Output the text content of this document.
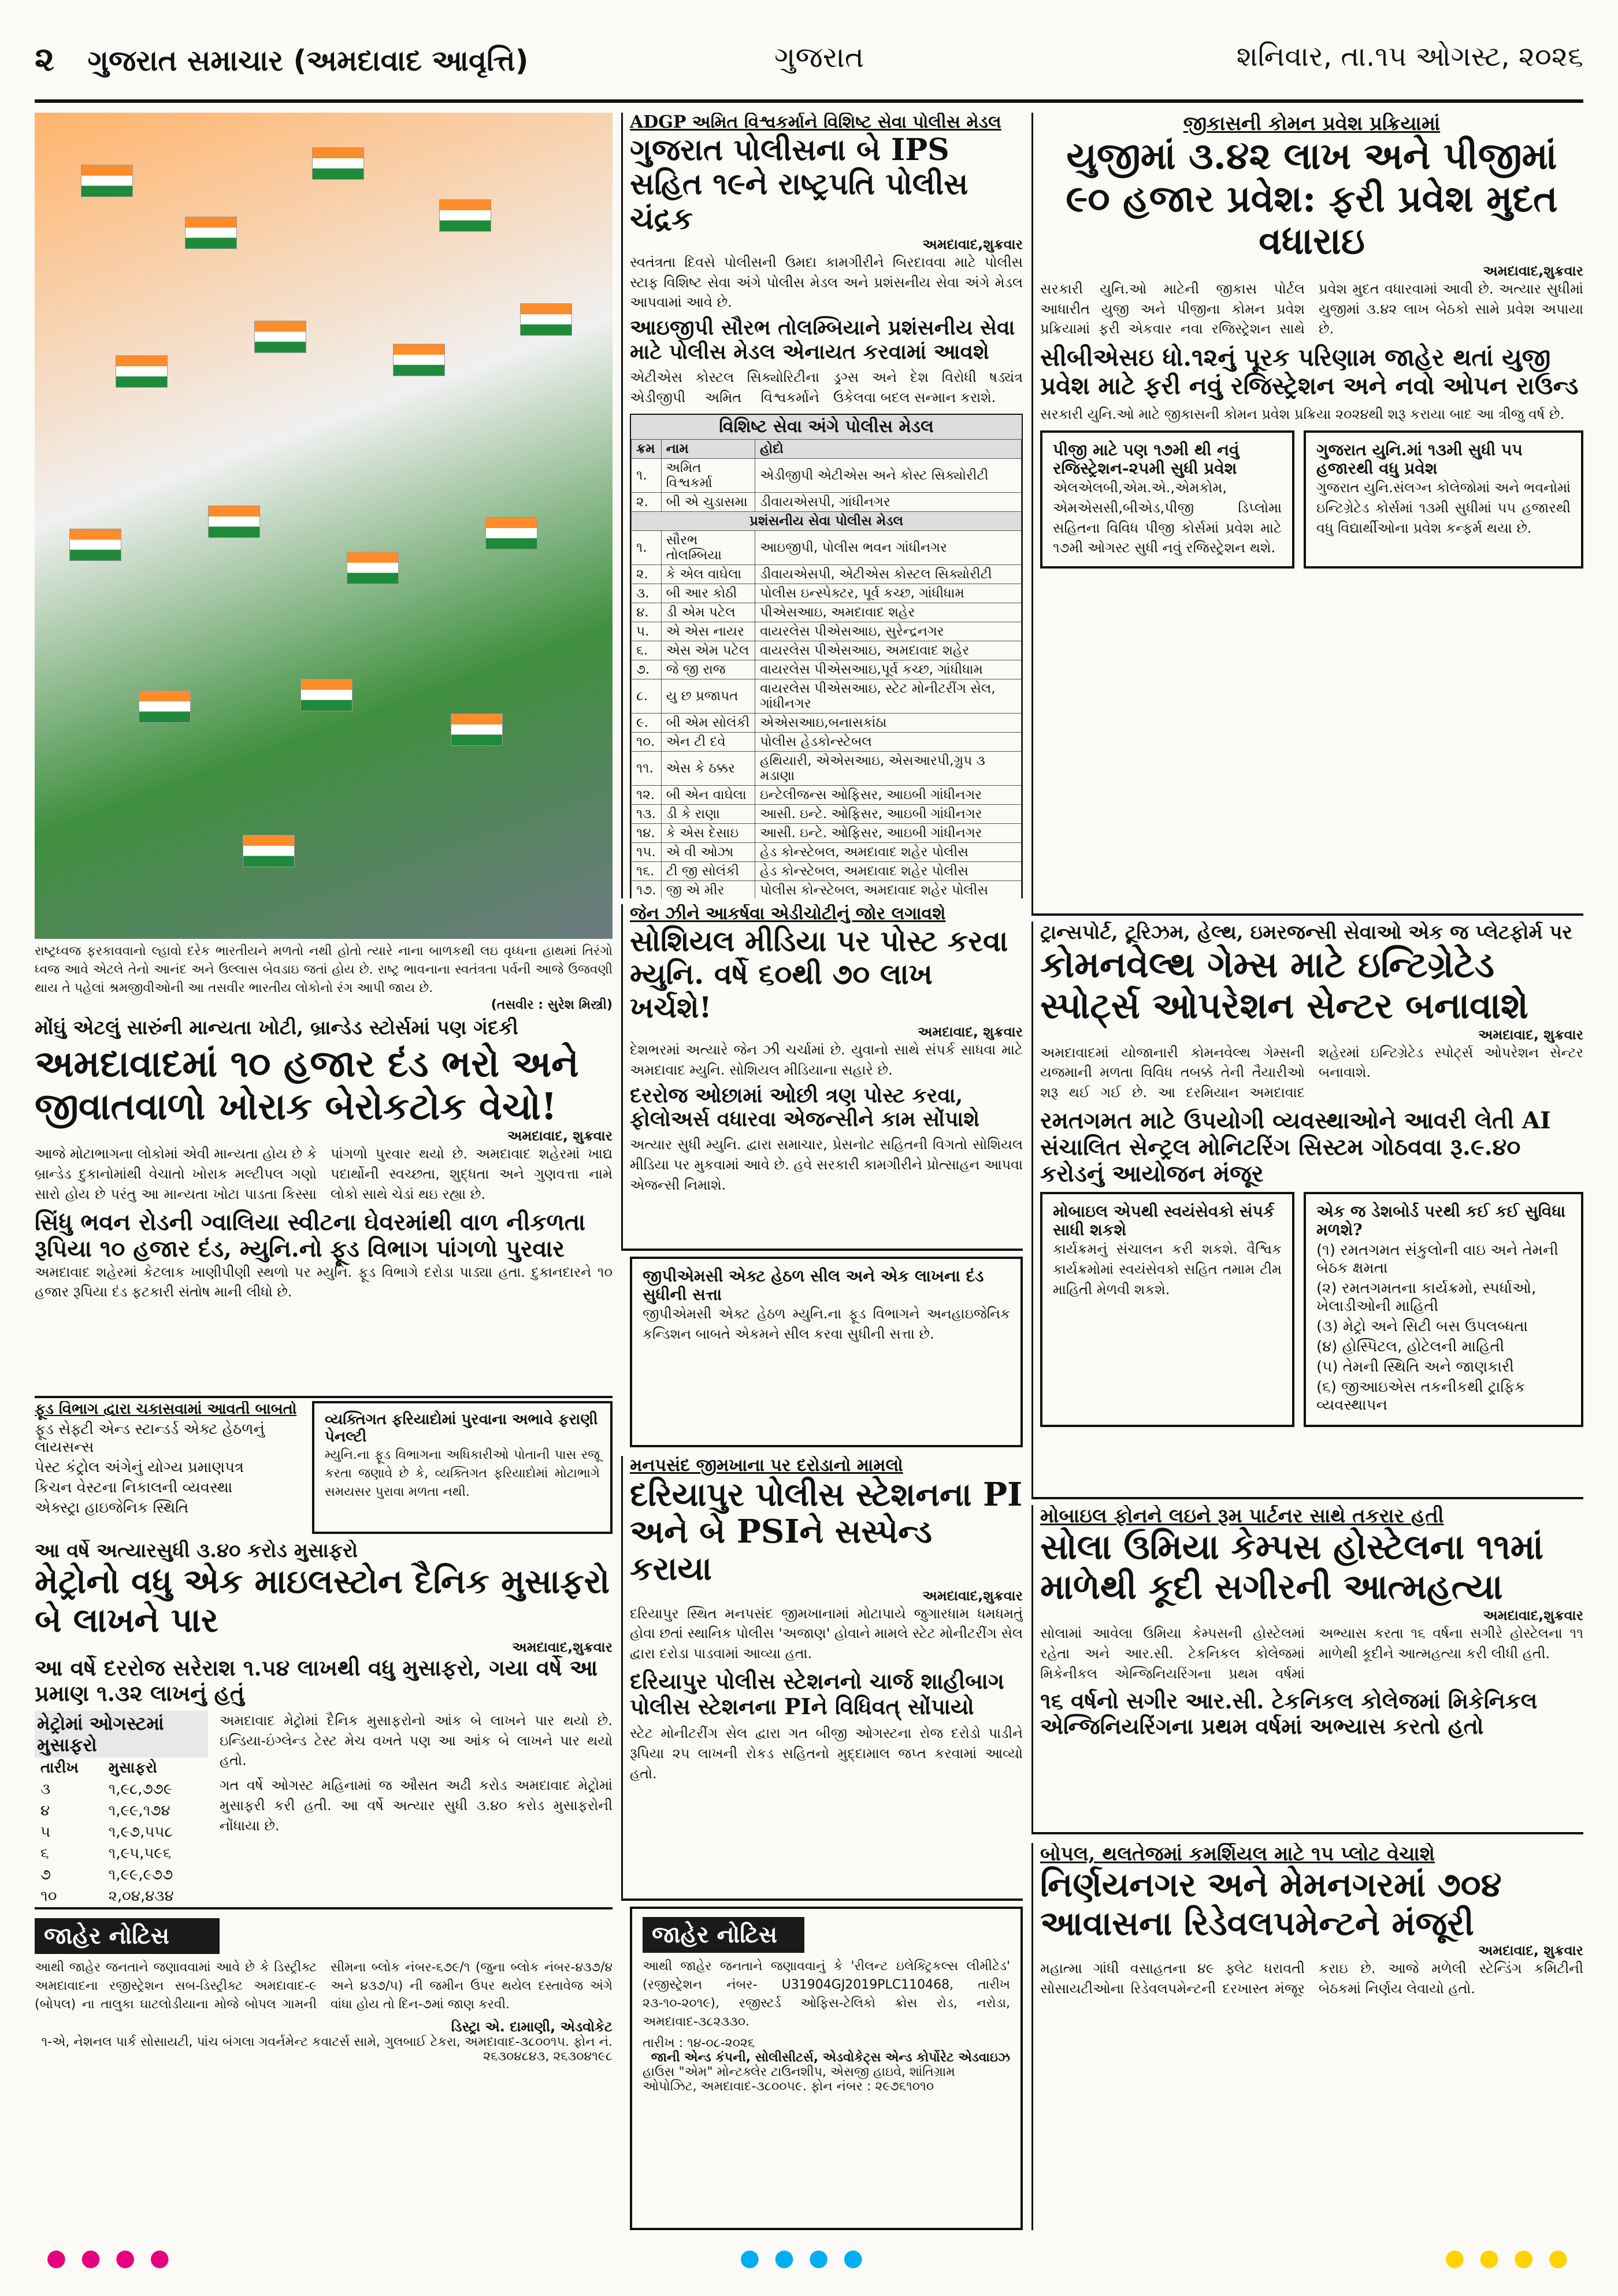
૨ ગુજરાત સમાચાર (અમદાવાદ આવૃત્તિ)	ગુજરાત	શનિવાર, તા.૧૫ ઓગસ્ટ, ૨૦૨૬
રાષ્ટ્રધ્વજ ફરકાવવાનો લ્હાવો દરેક ભારતીયને મળતો નથી હોતો ત્યારે નાના બાળકથી લઇ વૃધ્ધના હાથમાં તિરંગો ધ્વજ આવે એટલે તેનો આનંદ અને ઉલ્લાસ બેવડાઇ જતાં હોય છે. રાષ્ટ્ર ભાવનાના સ્વતંત્રતા પર્વની આજે ઉજવણી થાય તે પહેલાં શ્રમજીવીઓની આ તસવીર ભારતીય લોકોનો રંગ આપી જાય છે.
(તસવીર : સુરેશ મિસ્ત્રી)
મોંઘું એટલું સારુંની માન્યતા ખોટી, બ્રાન્ડેડ સ્ટોર્સમાં પણ ગંદકી
અમદાવાદમાં ૧૦ હજાર દંડ ભરો અને જીવાતવાળો ખોરાક બેરોકટોક વેચો!
અમદાવાદ, શુક્રવાર
આજે મોટાભાગના લોકોમાં એવી માન્યતા હોય છે કે બ્રાન્ડેડ દુકાનોમાંથી વેચાતો ખોરાક મલ્ટીપલ ગણો સારો હોય છે પરંતુ આ માન્યતા ખોટા પાડતા કિસ્સા પાંગળો પુરવાર થયો છે. અમદાવાદ શહેરમાં ખાદ્ય પદાર્થોની સ્વચ્છતા, શુદ્ધતા અને ગુણવત્તા નામે લોકો સાથે ચેડાં થઇ રહ્યા છે.
સિંધુ ભવન રોડની ગ્વાલિયા સ્વીટના ઘેવરમાંથી વાળ નીકળતા રૂપિયા ૧૦ હજાર દંડ, મ્યુનિ.નો ફૂડ વિભાગ પાંગળો પુરવાર
અમદાવાદ શહેરમાં કેટલાક ખાણીપીણી સ્થળો પર મ્યુનિ. ફૂડ વિભાગે દરોડા પાડ્યા હતા. દુકાનદારને ૧૦ હજાર રૂપિયા દંડ ફટકારી સંતોષ માની લીધો છે.
ફૂડ વિભાગ દ્વારા ચકાસવામાં આવતી બાબતો
ફૂડ સેફ્ટી એન્ડ સ્ટાન્ડર્ડ એક્ટ હેઠળનું લાયસન્સ
પેસ્ટ કંટ્રોલ અંગેનું યોગ્ય પ્રમાણપત્ર
કિચન વેસ્ટના નિકાલની વ્યવસ્થા
એક્સ્ટ્રા હાઇજેનિક સ્થિતિ
વ્યક્તિગત ફરિયાદોમાં પુરવાના અભાવે ફરાણી પેનલ્ટી
મ્યુનિ.ના ફૂડ વિભાગના અધિકારીઓ પોતાની પાસ રજૂ કરતા જણાવે છે કે, વ્યક્તિગત ફરિયાદોમાં મોટાભાગે સમયસર પુરાવા મળતા નથી.
આ વર્ષે અત્યારસુધી ૩.૪૦ કરોડ મુસાફરો
મેટ્રોનો વધુ એક માઇલસ્ટોન દૈનિક મુસાફરો બે લાખને પાર
અમદાવાદ,શુક્રવાર
આ વર્ષે દરરોજ સરેરાશ ૧.૫૪ લાખથી વધુ મુસાફરો, ગયા વર્ષે આ પ્રમાણ ૧.૩૨ લાખનું હતું
મેટ્રોમાં ઓગસ્ટમાં મુસાફરો
તારીખ	મુસાફરો
૩	૧,૯૮,૭૭૯
૪	૧,૯૯,૧૭૪
૫	૧,૯૭,૫૫૮
૬	૧,૯૫,૫૯૬
૭	૧,૯૯,૯૭૭
૧૦	૨,૦૪,૪૩૪

અમદાવાદ મેટ્રોમાં દૈનિક મુસાફરોનો આંક બે લાખને પાર થયો છે. ઇન્ડિયા-ઇંગ્લેન્ડ ટેસ્ટ મેચ વખતે પણ આ આંક બે લાખને પાર થયો હતો.
ગત વર્ષે ઓગસ્ટ મહિનામાં જ ઔસત અઢી કરોડ અમદાવાદ મેટ્રોમાં મુસાફરી કરી હતી. આ વર્ષે અત્યાર સુધી ૩.૪૦ કરોડ મુસાફરોની નોંધાયા છે.
જાહેર નોટિસ
આથી જાહેર જનતાને જણાવવામાં આવે છે કે ડિસ્ટ્રીક્ટ અમદાવાદના રજીસ્ટ્રેશન સબ-ડિસ્ટ્રીક્ટ અમદાવાદ-૯ (બોપલ) ના તાલુકા ઘાટલોડીયાના મોજે બોપલ ગામની સીમના બ્લોક નંબર-૬૭૯/૧ (જુના બ્લોક નંબર-૪૩૭/૪ અને ૪૩૭/૫) ની જમીન ઉપર થયેલ દસ્તાવેજ અંગે વાંધા હોય તો દિન-૭માં જાણ કરવી.
ડિસ્ટ્રા એ. દામાણી, એડવોકેટ
૧-એ, નેશનલ પાર્ક સોસાયટી, પાંચ બંગલા ગવર્નમેન્ટ કવાટર્સ સામે, ગુલબાઈ ટેકરા, અમદાવાદ-૩૮૦૦૧૫. ફોન નં. ૨૬૩૦૪૮૪૩, ૨૬૩૦૪૧૯૮
ADGP અમિત વિશ્વકર્માને વિશિષ્ટ સેવા પોલીસ મેડલ
ગુજરાત પોલીસના બે IPS સહિત ૧૯ને રાષ્ટ્રપતિ પોલીસ ચંદ્રક
અમદાવાદ,શુક્રવાર
સ્વતંત્રતા દિવસે પોલીસની ઉમદા કામગીરીને બિરદાવવા માટે પોલીસ સ્ટાફ વિશિષ્ટ સેવા અંગે પોલીસ મેડલ અને પ્રશંસનીય સેવા અંગે મેડલ આપવામાં આવે છે.
આઇજીપી સૌરભ તોલમ્બિયાને પ્રશંસનીય સેવા માટે પોલીસ મેડલ એનાયત કરવામાં આવશે
એટીએસ કોસ્ટલ સિક્યોરિટીના એડીજીપી અમિત વિશ્વકર્માને ડ્રગ્સ અને દેશ વિરોધી ષડ્યંત્ર ઉકેલવા બદલ સન્માન કરાશે.
વિશિષ્ટ સેવા અંગે પોલીસ મેડલ
ક્રમ	નામ	હોદો
૧.	અમિત વિશ્વકર્મા	એડીજીપી એટીએસ અને કોસ્ટ સિક્યોરીટી
૨.	બી એ ચુડાસમા	ડીવાયએસપી, ગાંધીનગર
પ્રશંસનીય સેવા પોલીસ મેડલ		
૧.	સૌરભ તોલમ્બિયા	આઇજીપી, પોલીસ ભવન ગાંધીનગર
૨.	કે એલ વાઘેલા	ડીવાયએસપી, એટીએસ કોસ્ટલ સિક્યોરીટી
૩.	બી આર કોઠી	પોલીસ ઇન્સ્પેક્ટર, પૂર્વ કચ્છ, ગાંધીધામ
૪.	ડી એમ પટેલ	પીએસઆઇ, અમદાવાદ શહેર
૫.	એ એસ નાયર	વાયરલેસ પીએસઆઇ, સુરેન્દ્રનગર
૬.	એસ એમ પટેલ	વાયરલેસ પીએસઆઇ, અમદાવાદ શહેર
૭.	જે જી રાજ	વાયરલેસ પીએસઆઇ,પૂર્વ કચ્છ, ગાંધીધામ
૮.	યુ છ પ્રજાપત	વાયરલેસ પીએસઆઇ, સ્ટેટ મોનીટરીંગ સેલ, ગાંધીનગર
૯.	બી એમ સોલંકી	એએસઆઇ,બનાસકાંઠા
૧૦.	એન ટી દવે	પોલીસ હેડકોન્સ્ટેબલ
૧૧.	એસ કે ઠક્કર	હથિયારી, એએસઆઇ, એસઆરપી,ગ્રુપ ૩ મડાણા
૧૨.	બી એન વાઘેલા	ઇન્ટેલીજન્સ ઓફિસર, આઇબી ગાંધીનગર
૧૩.	ડી કે રાણા	આસી. ઇન્ટે. ઓફિસર, આઇબી ગાંધીનગર
૧૪.	કે એસ દેસાઇ	આસી. ઇન્ટે. ઓફિસર, આઇબી ગાંધીનગર
૧૫.	એ વી ઓઝા	હેડ કોન્સ્ટેબલ, અમદાવાદ શહેર પોલીસ
૧૬.	ટી જી સોલંકી	હેડ કોન્સ્ટેબલ, અમદાવાદ શહેર પોલીસ
૧૭.	જી એ મીર	પોલીસ કોન્સ્ટેબલ, અમદાવાદ શહેર પોલીસ
જેન ઝીને આકર્ષવા એડીચોટીનું જોર લગાવશે
સોશિયલ મીડિયા પર પોસ્ટ કરવા મ્યુનિ. વર્ષે ૬૦થી ૭૦ લાખ ખર્ચશે!
અમદાવાદ, શુક્રવાર
દેશભરમાં અત્યારે જેન ઝી ચર્ચામાં છે. યુવાનો સાથે સંપર્ક સાધવા માટે અમદાવાદ મ્યુનિ. સોશિયલ મીડિયાના સહારે છે.
દરરોજ ઓછામાં ઓછી ત્રણ પોસ્ટ કરવા, ફોલોઅર્સ વધારવા એજન્સીને કામ સોંપાશે
અત્યાર સુધી મ્યુનિ. દ્વારા સમાચાર, પ્રેસનોટ સહિતની વિગતો સોશિયલ મીડિયા પર મુકવામાં આવે છે. હવે સરકારી કામગીરીને પ્રોત્સાહન આપવા એજન્સી નિમાશે.
જીપીએમસી એક્ટ હેઠળ સીલ અને એક લાખના દંડ સુધીની સત્તા
જીપીએમસી એક્ટ હેઠળ મ્યુનિ.ના ફૂડ વિભાગને અનહાઇજેનિક કન્ડિશન બાબતે એકમને સીલ કરવા સુધીની સત્તા છે.
મનપસંદ જીમખાના પર દરોડાનો મામલો
દરિયાપુર પોલીસ સ્ટેશનના PI અને બે PSIને સસ્પેન્ડ કરાયા
અમદાવાદ,શુક્રવાર
દરિયાપુર સ્થિત મનપસંદ જીમખાનામાં મોટાપાયે જુગારધામ ધમધમતું હોવા છતાં સ્થાનિક પોલીસ 'અજાણ' હોવાને મામલે સ્ટેટ મોનીટરીંગ સેલ દ્વારા દરોડા પાડવામાં આવ્યા હતા.
દરિયાપુર પોલીસ સ્ટેશનનો ચાર્જ શાહીબાગ પોલીસ સ્ટેશનના PIને વિધિવત્ સોંપાયો
સ્ટેટ મોનીટરીંગ સેલ દ્વારા ગત બીજી ઓગસ્ટના રોજ દરોડો પાડીને રૂપિયા ૨૫ લાખની રોકડ સહિતનો મુદ્દામાલ જપ્ત કરવામાં આવ્યો હતો.
જાહેર નોટિસ
આથી જાહેર જનતાને જણાવવાનું કે 'રીલન્ટ ઇલેક્ટ્રિકલ્સ લીમીટેડ' (રજીસ્ટ્રેશન નંબર- U31904GJ2019PLC110468, તારીખ ૨૩-૧૦-૨૦૧૯), રજીસ્ટર્ડ ઓફિસ-ટેલિકો ક્રોસ રોડ, નરોડા, અમદાવાદ-૩૮૨૩૩૦.
તારીખ : ૧૪-૦૮-૨૦૨૬
જાની એન્ડ કંપની, સોલીસીટર્સ, એડવોકેટ્સ એન્ડ કોર્પોરેટ એડવાઇઝ
હાઉસ "એમ" મોન્ટક્લેર ટાઉનશીપ, એસજી હાઇવે, શાંતિગ્રામ ઓપોઝિટ, અમદાવાદ-૩૮૦૦૫૯. ફોન નંબર : ૨૯૭૬૧૦૧૦
જીકાસની કોમન પ્રવેશ પ્રક્રિયામાં
યુજીમાં ૩.૪૨ લાખ અને પીજીમાં ૯૦ હજાર પ્રવેશ: ફરી પ્રવેશ મુદત વધારાઇ
અમદાવાદ,શુક્રવાર
સરકારી યુનિ.ઓ માટેની જીકાસ પોર્ટલ આધારીત યુજી અને પીજીના કોમન પ્રવેશ પ્રક્રિયામાં ફરી એકવાર નવા રજિસ્ટ્રેશન સાથે પ્રવેશ મુદત વધારવામાં આવી છે. અત્યાર સુધીમાં યુજીમાં ૩.૪૨ લાખ બેઠકો સામે પ્રવેશ અપાયા છે.
સીબીએસઇ ધો.૧૨નું પૂરક પરિણામ જાહેર થતાં યુજી પ્રવેશ માટે ફરી નવું રજિસ્ટ્રેશન અને નવો ઓપન રાઉન્ડ
સરકારી યુનિ.ઓ માટે જીકાસની કોમન પ્રવેશ પ્રક્રિયા ૨૦૨૪થી શરૂ કરાયા બાદ આ ત્રીજુ વર્ષ છે.
પીજી માટે પણ ૧૭મી થી નવું રજિસ્ટ્રેશન-૨૫મી સુધી પ્રવેશ
એલએલબી,એમ.એ.,એમકોમ, એમએસસી,બીએડ,પીજી ડિપ્લોમા સહિતના વિવિધ પીજી કોર્સમાં પ્રવેશ માટે ૧૭મી ઓગસ્ટ સુધી નવું રજિસ્ટ્રેશન થશે.
ગુજરાત યુનિ.માં ૧૩મી સુધી ૫૫ હજારથી વધુ પ્રવેશ
ગુજરાત યુનિ.સંલગ્ન કોલેજોમાં અને ભવનોમાં ઇન્ટિગ્રેટેડ કોર્સમાં ૧૩મી સુધીમાં ૫૫ હજારથી વધુ વિદ્યાર્થીઓના પ્રવેશ કન્ફર્મ થયા છે.
ટ્રાન્સપોર્ટ, ટૂરિઝમ, હેલ્થ, ઇમરજન્સી સેવાઓ એક જ પ્લેટફોર્મ પર
કોમનવેલ્થ ગેમ્સ માટે ઇન્ટિગ્રેટેડ સ્પોર્ટ્સ ઓપરેશન સેન્ટર બનાવાશે
અમદાવાદ, શુક્રવાર
અમદાવાદમાં યોજાનારી કોમનવેલ્થ ગેમ્સની યજમાની મળતા વિવિધ તબક્કે તેની તૈયારીઓ શરૂ થઈ ગઈ છે. આ દરમિયાન અમદાવાદ શહેરમાં ઇન્ટિગ્રેટેડ સ્પોર્ટ્સ ઓપરેશન સેન્ટર બનાવાશે.
રમતગમત માટે ઉપયોગી વ્યવસ્થાઓને આવરી લેતી AI સંચાલિત સેન્ટ્રલ મોનિટરિંગ સિસ્ટમ ગોઠવવા રૂ.૯.૪૦ કરોડનું આયોજન મંજૂર
મોબાઇલ એપથી સ્વયંસેવકો સંપર્ક સાધી શકશે
કાર્યક્રમનું સંચાલન કરી શકશે. વૈશ્વિક કાર્યક્રમોમાં સ્વયંસેવકો સહિત તમામ ટીમ માહિતી મેળવી શકશે.
એક જ ડેશબોર્ડ પરથી કઈ કઈ સુવિધા મળશે?
(૧) રમતગમત સંકુલોની વાઇ અને તેમની બેઠક ક્ષમતા
(૨) રમતગમતના કાર્યક્રમો, સ્પર્ધાઓ, ખેલાડીઓની માહિતી
(૩) મેટ્રો અને સિટી બસ ઉપલબ્ધતા
(૪) હોસ્પિટલ, હોટેલની માહિતી
(૫) તેમની સ્થિતિ અને જાણકારી
(૬) જીઆઇએસ તકનીકથી ટ્રાફિક વ્યવસ્થાપન
મોબાઇલ ફોનને લઇને રૂમ પાર્ટનર સાથે તકરાર હતી
સોલા ઉમિયા કેમ્પસ હોસ્ટેલના ૧૧માં માળેથી કૂદી સગીરની આત્મહત્યા
અમદાવાદ,શુક્રવાર
સોલામાં આવેલા ઉમિયા કેમ્પસની હોસ્ટેલમાં રહેતા અને આર.સી. ટેકનિકલ કોલેજમાં મિકેનીકલ એન્જિનિયરિંગના પ્રથમ વર્ષમાં અભ્યાસ કરતા ૧૬ વર્ષના સગીરે હોસ્ટેલના ૧૧ માળેથી કૂદીને આત્મહત્યા કરી લીધી હતી.
૧૬ વર્ષનો સગીર આર.સી. ટેકનિકલ કોલેજમાં મિકેનિકલ એન્જિનિયરિંગના પ્રથમ વર્ષમાં અભ્યાસ કરતો હતો
બોપલ, થલતેજમાં કમર્શિયલ માટે ૧૫ પ્લોટ વેચાશે
નિર્ણયનગર અને મેમનગરમાં ૭૦૪ આવાસના રિડેવલપમેન્ટને મંજૂરી
અમદાવાદ, શુક્રવાર
મહાત્મા ગાંધી વસાહતના ૪૯ ફ્લેટ ધરાવતી સોસાયટીઓના રિડેવલપમેન્ટની દરખાસ્ત મંજૂર કરાઇ છે. આજે મળેલી સ્ટેન્ડિંગ કમિટીની બેઠકમાં નિર્ણય લેવાયો હતો.
● ● ● ●	● ● ● ●	● ● ● ●
